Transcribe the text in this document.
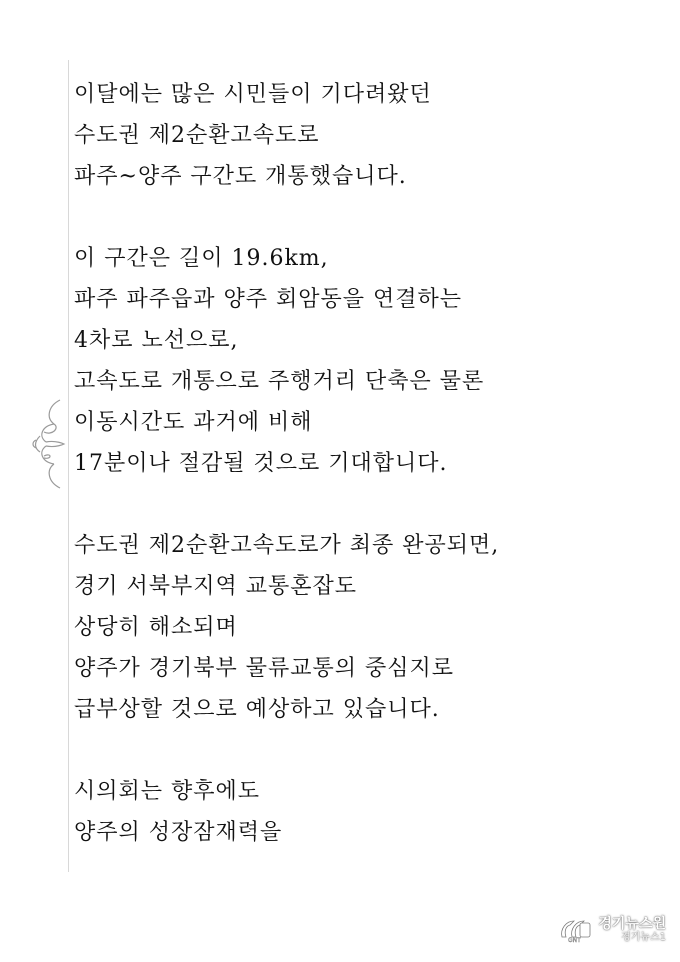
이달에는 많은 시민들이 기다려왔던
수도권 제2순환고속도로
파주~양주 구간도 개통했습니다.
이 구간은 길이 19.6km,
파주 파주읍과 양주 회암동을 연결하는
4차로 노선으로,
고속도로 개통으로 주행거리 단축은 물론
이동시간도 과거에 비해
17분이나 절감될 것으로 기대합니다.
수도권 제2순환고속도로가 최종 완공되면,
경기 서북부지역 교통혼잡도
상당히 해소되며
양주가 경기북부 물류교통의 중심지로
급부상할 것으로 예상하고 있습니다.
시의회는 향후에도
양주의 성장잠재력을
GNT
경기뉴스원
경기뉴스1
